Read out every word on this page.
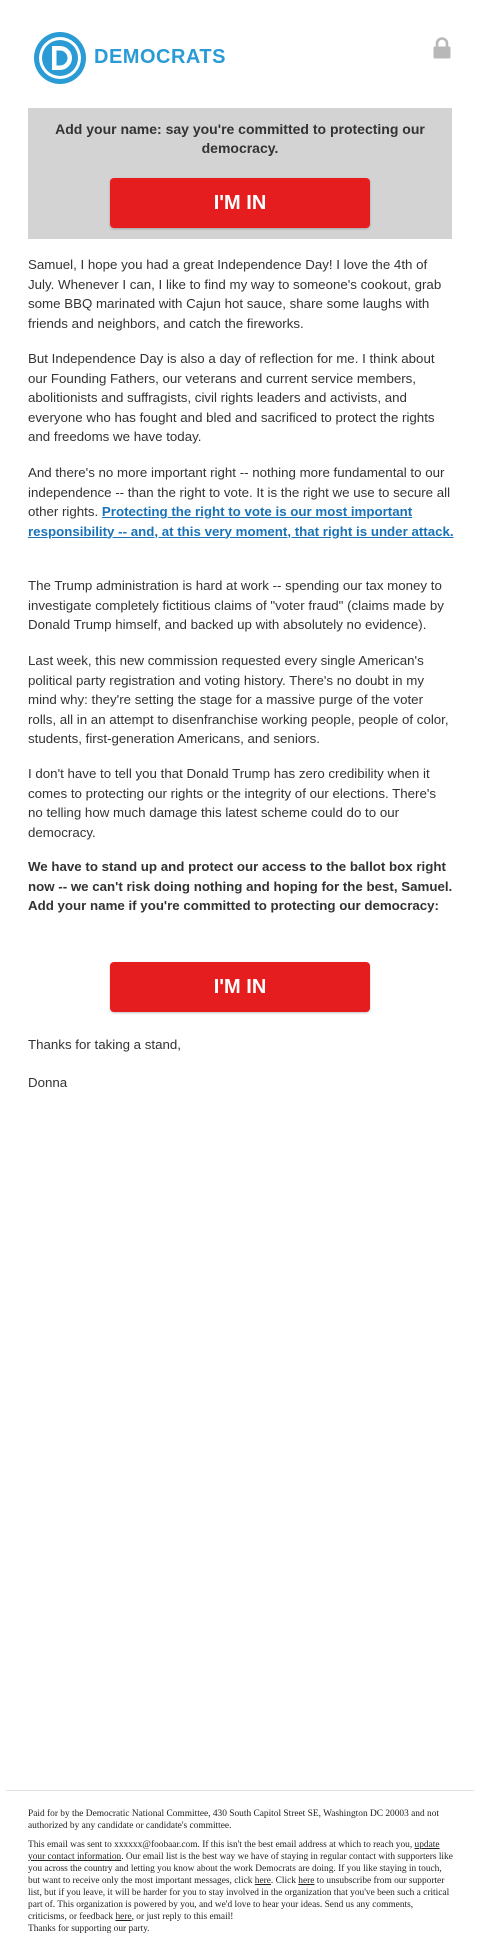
DEMOCRATS
Add your name: say you're committed to protecting our democracy.
I'M IN

Samuel, I hope you had a great Independence Day! I love the 4th of July. Whenever I can, I like to find my way to someone's cookout, grab some BBQ marinated with Cajun hot sauce, share some laughs with friends and neighbors, and catch the fireworks.

But Independence Day is also a day of reflection for me. I think about our Founding Fathers, our veterans and current service members, abolitionists and suffragists, civil rights leaders and activists, and everyone who has fought and bled and sacrificed to protect the rights and freedoms we have today.

And there's no more important right -- nothing more fundamental to our independence -- than the right to vote. It is the right we use to secure all other rights. Protecting the right to vote is our most important responsibility -- and, at this very moment, that right is under attack.

The Trump administration is hard at work -- spending our tax money to investigate completely fictitious claims of "voter fraud" (claims made by Donald Trump himself, and backed up with absolutely no evidence).

Last week, this new commission requested every single American's political party registration and voting history. There's no doubt in my mind why: they're setting the stage for a massive purge of the voter rolls, all in an attempt to disenfranchise working people, people of color, students, first-generation Americans, and seniors.

I don't have to tell you that Donald Trump has zero credibility when it comes to protecting our rights or the integrity of our elections. There's no telling how much damage this latest scheme could do to our democracy.

We have to stand up and protect our access to the ballot box right now -- we can't risk doing nothing and hoping for the best, Samuel. Add your name if you're committed to protecting our democracy:

I'M IN

Thanks for taking a stand,

Donna

Paid for by the Democratic National Committee, 430 South Capitol Street SE, Washington DC 20003 and not authorized by any candidate or candidate's committee.

This email was sent to xxxxxx@foobaar.com. If this isn't the best email address at which to reach you, update your contact information. Our email list is the best way we have of staying in regular contact with supporters like you across the country and letting you know about the work Democrats are doing. If you like staying in touch, but want to receive only the most important messages, click here. Click here to unsubscribe from our supporter list, but if you leave, it will be harder for you to stay involved in the organization that you've been such a critical part of. This organization is powered by you, and we'd love to hear your ideas. Send us any comments, criticisms, or feedback here, or just reply to this email!
Thanks for supporting our party.
